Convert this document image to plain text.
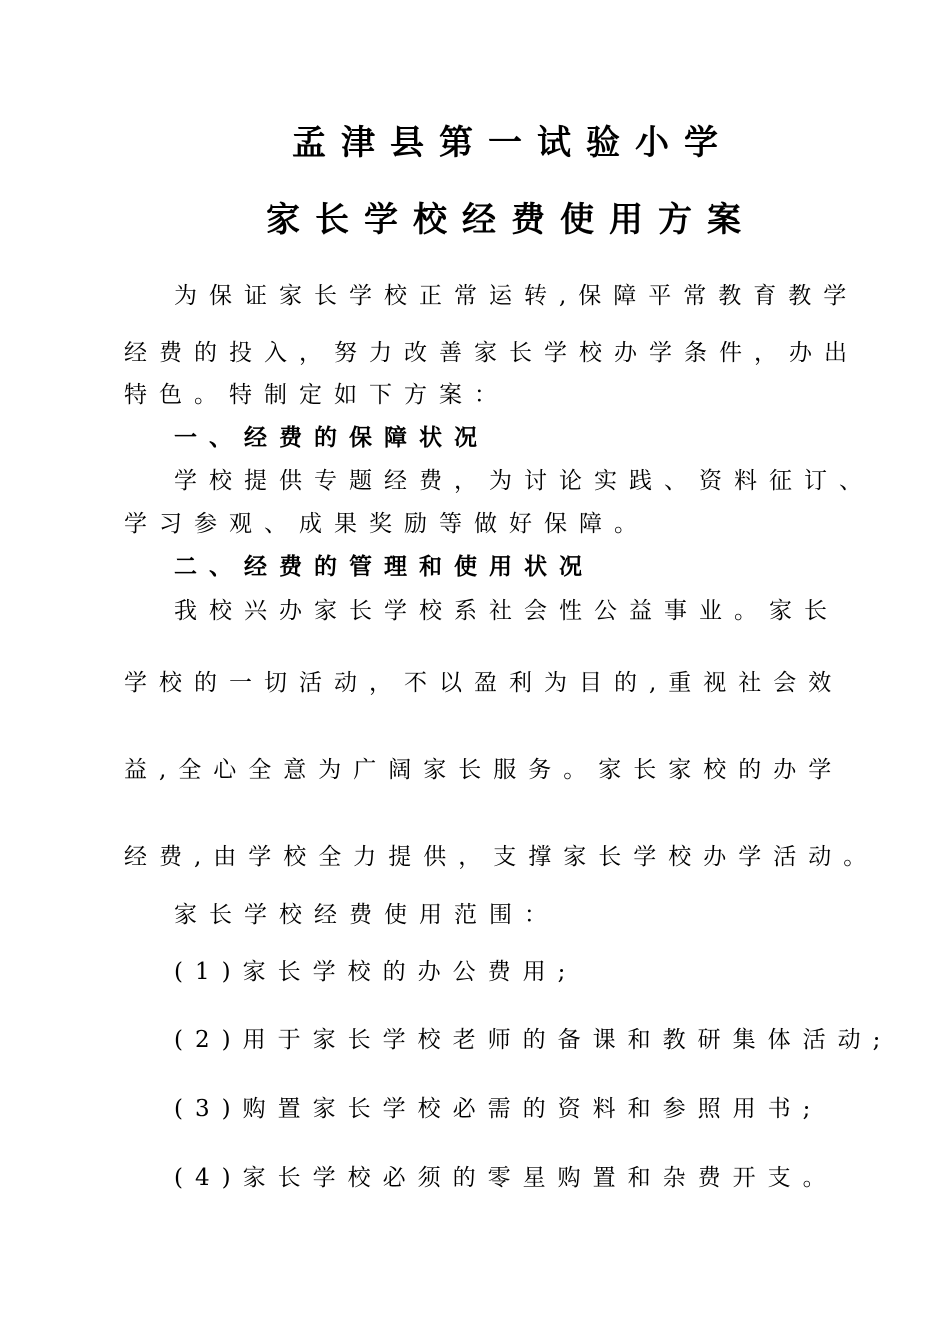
孟津县第一试验小学
家长学校经费使用方案
为保证家长学校正常运转,保障平常教育教学
经费的投入，努力改善家长学校办学条件，办出
特色。特制定如下方案：
一、经费的保障状况
学校提供专题经费，为讨论实践、资料征订、
学习参观、成果奖励等做好保障。
二、经费的管理和使用状况
我校兴办家长学校系社会性公益事业。家长
学校的一切活动，不以盈利为目的,重视社会效
益,全心全意为广阔家长服务。家长家校的办学
经费,由学校全力提供，支撑家长学校办学活动。
家长学校经费使用范围：
(1)家长学校的办公费用;
(2)用于家长学校老师的备课和教研集体活动;
(3)购置家长学校必需的资料和参照用书;
(4)家长学校必须的零星购置和杂费开支。
